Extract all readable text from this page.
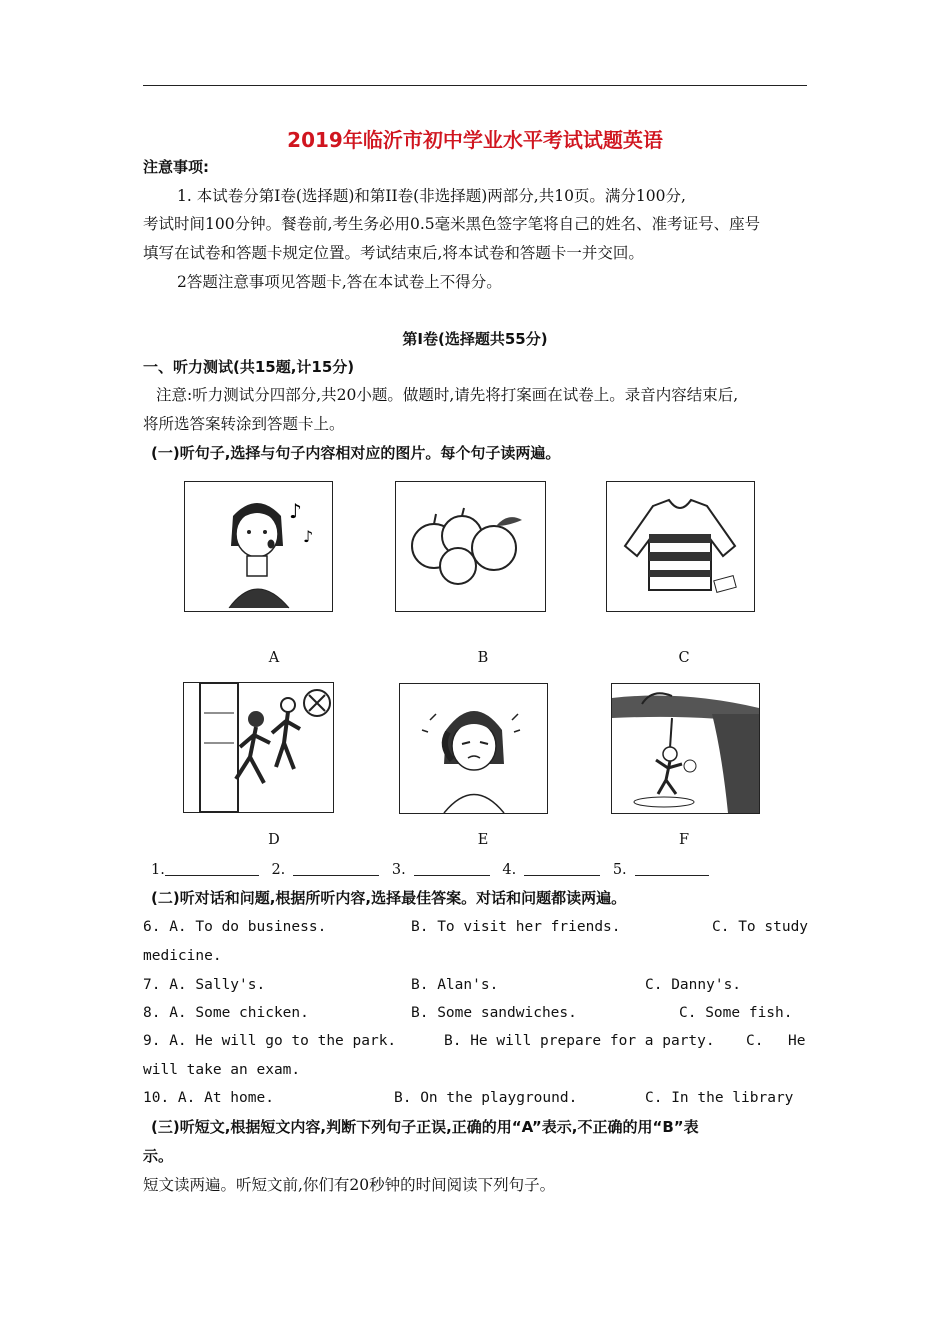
2019年临沂市初中学业水平考试试题英语
注意事项:
1. 本试卷分第I卷(选择题)和第II卷(非选择题)两部分,共10页。满分100分,
考试时间100分钟。餐卷前,考生务必用0.5毫米黑色签字笔将自己的姓名、准考证号、座号
填写在试卷和答题卡规定位置。考试结束后,将本试卷和答题卡一并交回。
2答题注意事项见答题卡,答在本试卷上不得分。
第I卷(选择题共55分)
一、听力测试(共15题,计15分)
注意:听力测试分四部分,共20小题。做题时,请先将打案画在试卷上。录音内容结束后,
将所选答案转涂到答题卡上。
(一)听句子,选择与句子内容相对应的图片。每个句子读两遍。
♪
♪
A	B	C
D	E	F
1.	2.	3.	4.	5.
(二)听对话和问题,根据所听内容,选择最佳答案。对话和问题都读两遍。
6. A. To do business.	B. To visit her friends.	C. To study
medicine.
7. A. Sally's.	B. Alan's.	C. Danny's.
8. A. Some chicken.	B. Some sandwiches.	C. Some fish.
9. A. He will go to the park.	B. He will prepare for a party. C. He
will take an exam.
10. A. At home.	B. On the playground.	C. In the library
(三)听短文,根据短文内容,判断下列句子正误,正确的用“A”表示,不正确的用“B”表
示。
短文读两遍。听短文前,你们有20秒钟的时间阅读下列句子。
